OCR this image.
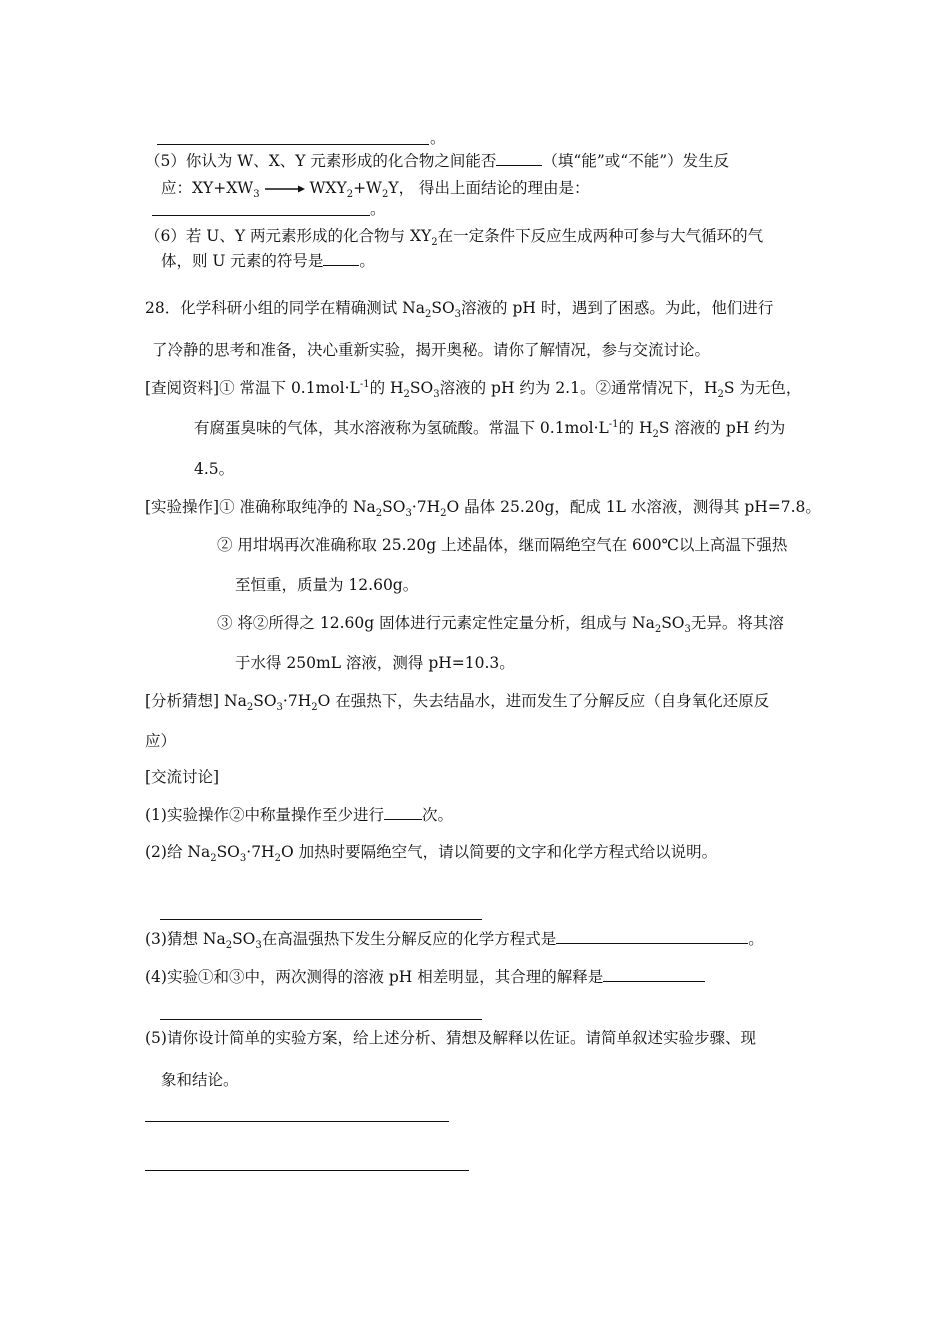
。
（5）你认为 W、X、Y 元素形成的化合物之间能否	（填“能”或“不能”）发生反
应：$XY+XW_3 \to WXY_2+W_2Y$， 得出上面结论的理由是：
。
（6）若 U、Y 两元素形成的化合物与 $XY_2$在一定条件下反应生成两种可参与大气循环的气
体，则 U 元素的符号是 。
28．化学科研小组的同学在精确测试 $Na_2SO_3$溶液的 pH 时，遇到了困惑。为此，他们进行
了冷静的思考和准备，决心重新实验，揭开奥秘。请你了解情况，参与交流讨论。
[查阅资料]① 常温下 $0.1mol\cdot L^{-1}$的 $H_2SO_3$溶液的 pH 约为 2.1。②通常情况下，$H_2S$ 为无色，
有腐蛋臭味的气体，其水溶液称为氢硫酸。常温下 $0.1mol\cdot L^{-1}$的 $H_2S$ 溶液的 pH 约为
4.5。
[实验操作]① 准确称取纯净的 $Na_2SO_3\cdot 7H_2O$ 晶体 25.20g，配成 1L 水溶液，测得其 pH=7.8。
② 用坩埚再次准确称取 25.20g 上述晶体，继而隔绝空气在 600℃以上高温下强热
至恒重，质量为 12.60g。
③ 将②所得之 12.60g 固体进行元素定性定量分析，组成与 $Na_2SO_3$无异。将其溶
于水得 250mL 溶液，测得 pH=10.3。
[分析猜想] $Na_2SO_3\cdot 7H_2O$ 在强热下，失去结晶水，进而发生了分解反应（自身氧化还原反
应）
[交流讨论]
(1)实验操作②中称量操作至少进行 次。
(2)给 $Na_2SO_3\cdot 7H_2O$ 加热时要隔绝空气，请以简要的文字和化学方程式给以说明。
(3)猜想 $Na_2SO_3$在高温强热下发生分解反应的化学方程式是	。
(4)实验①和③中，两次测得的溶液 pH 相差明显，其合理的解释是
(5)请你设计简单的实验方案，给上述分析、猜想及解释以佐证。请简单叙述实验步骤、现
象和结论。
